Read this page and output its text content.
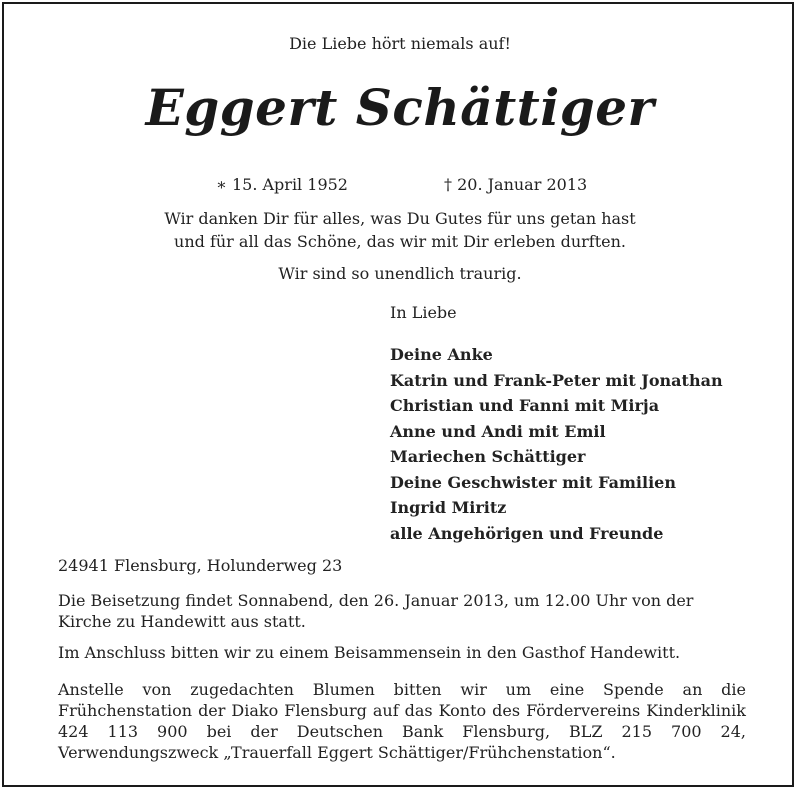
Die Liebe hört niemals auf!
Eggert Schättiger
∗ 15. April 1952	† 20. Januar 2013
Wir danken Dir für alles, was Du Gutes für uns getan hast
und für all das Schöne, das wir mit Dir erleben durften.
Wir sind so unendlich traurig.
In Liebe
Deine Anke
Katrin und Frank-Peter mit Jonathan
Christian und Fanni mit Mirja
Anne und Andi mit Emil
Mariechen Schättiger
Deine Geschwister mit Familien
Ingrid Miritz
alle Angehörigen und Freunde
24941 Flensburg, Holunderweg 23
Die Beisetzung findet Sonnabend, den 26. Januar 2013, um 12.00 Uhr von der Kirche zu Handewitt aus statt.
Im Anschluss bitten wir zu einem Beisammensein in den Gasthof Handewitt.
Anstelle von zugedachten Blumen bitten wir um eine Spende an die Frühchenstation der Diako Flensburg auf das Konto des Fördervereins Kinderklinik 424 113 900 bei der Deutschen Bank Flensburg, BLZ 215 700 24, Verwendungszweck „Trauerfall Eggert Schättiger/Frühchenstation“.
